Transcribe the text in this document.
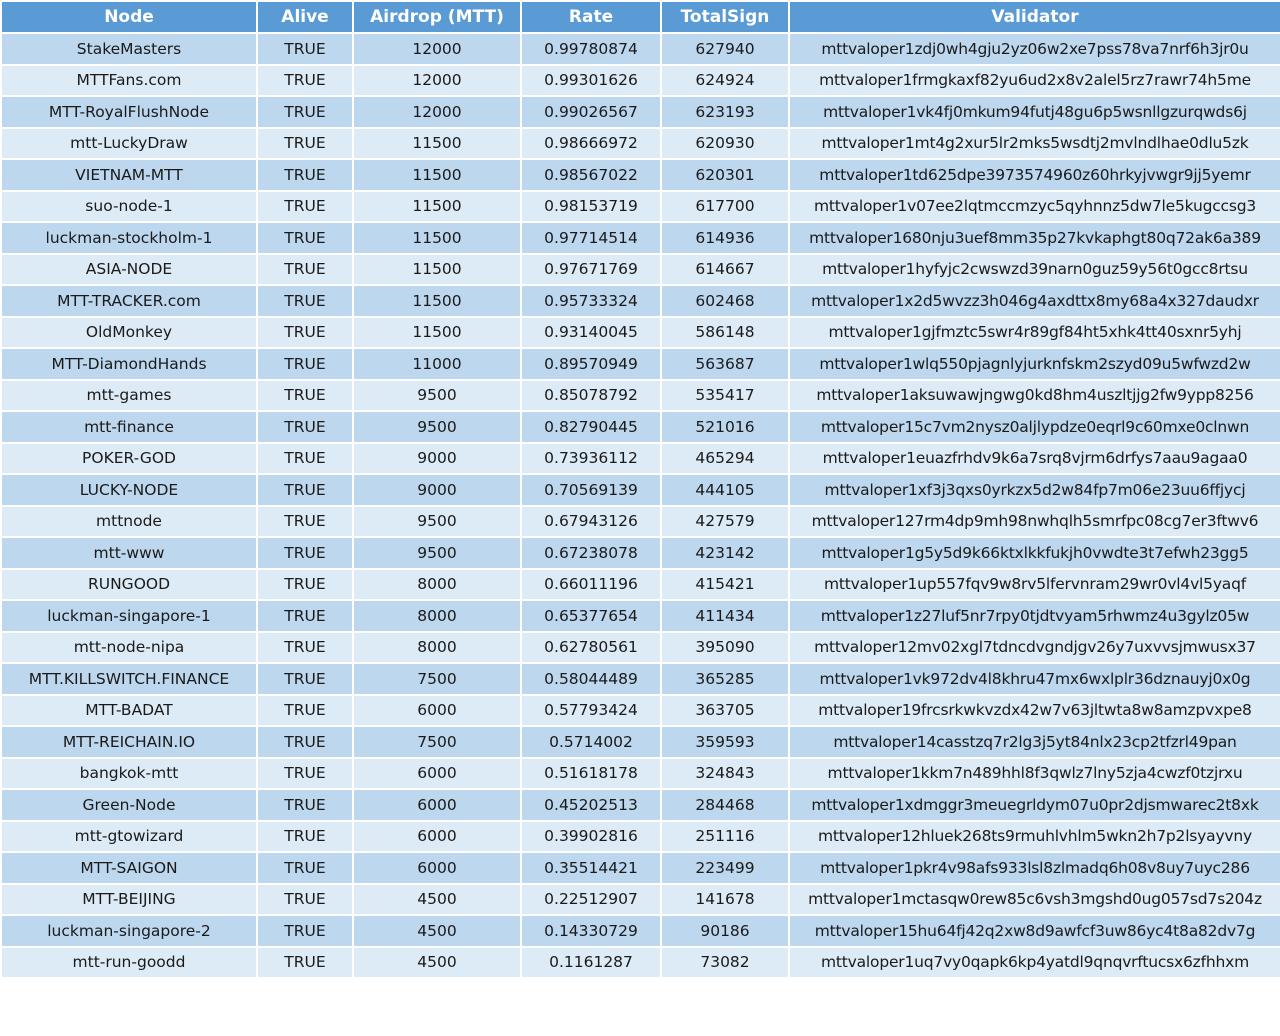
Node	Alive	Airdrop (MTT)	Rate	TotalSign	Validator
StakeMasters	TRUE	12000	0.99780874	627940	mttvaloper1zdj0wh4gju2yz06w2xe7pss78va7nrf6h3jr0u
MTTFans.com	TRUE	12000	0.99301626	624924	mttvaloper1frmgkaxf82yu6ud2x8v2alel5rz7rawr74h5me
MTT-RoyalFlushNode	TRUE	12000	0.99026567	623193	mttvaloper1vk4fj0mkum94futj48gu6p5wsnllgzurqwds6j
mtt-LuckyDraw	TRUE	11500	0.98666972	620930	mttvaloper1mt4g2xur5lr2mks5wsdtj2mvlndlhae0dlu5zk
VIETNAM-MTT	TRUE	11500	0.98567022	620301	mttvaloper1td625dpe3973574960z60hrkyjvwgr9jj5yemr
suo-node-1	TRUE	11500	0.98153719	617700	mttvaloper1v07ee2lqtmccmzyc5qyhnnz5dw7le5kugccsg3
luckman-stockholm-1	TRUE	11500	0.97714514	614936	mttvaloper1680nju3uef8mm35p27kvkaphgt80q72ak6a389
ASIA-NODE	TRUE	11500	0.97671769	614667	mttvaloper1hyfyjc2cwswzd39narn0guz59y56t0gcc8rtsu
MTT-TRACKER.com	TRUE	11500	0.95733324	602468	mttvaloper1x2d5wvzz3h046g4axdttx8my68a4x327daudxr
OldMonkey	TRUE	11500	0.93140045	586148	mttvaloper1gjfmztc5swr4r89gf84ht5xhk4tt40sxnr5yhj
MTT-DiamondHands	TRUE	11000	0.89570949	563687	mttvaloper1wlq550pjagnlyjurknfskm2szyd09u5wfwzd2w
mtt-games	TRUE	9500	0.85078792	535417	mttvaloper1aksuwawjngwg0kd8hm4uszltjjg2fw9ypp8256
mtt-finance	TRUE	9500	0.82790445	521016	mttvaloper15c7vm2nysz0aljlypdze0eqrl9c60mxe0clnwn
POKER-GOD	TRUE	9000	0.73936112	465294	mttvaloper1euazfrhdv9k6a7srq8vjrm6drfys7aau9agaa0
LUCKY-NODE	TRUE	9000	0.70569139	444105	mttvaloper1xf3j3qxs0yrkzx5d2w84fp7m06e23uu6ffjycj
mttnode	TRUE	9500	0.67943126	427579	mttvaloper127rm4dp9mh98nwhqlh5smrfpc08cg7er3ftwv6
mtt-www	TRUE	9500	0.67238078	423142	mttvaloper1g5y5d9k66ktxlkkfukjh0vwdte3t7efwh23gg5
RUNGOOD	TRUE	8000	0.66011196	415421	mttvaloper1up557fqv9w8rv5lfervnram29wr0vl4vl5yaqf
luckman-singapore-1	TRUE	8000	0.65377654	411434	mttvaloper1z27luf5nr7rpy0tjdtvyam5rhwmz4u3gylz05w
mtt-node-nipa	TRUE	8000	0.62780561	395090	mttvaloper12mv02xgl7tdncdvgndjgv26y7uxvvsjmwusx37
MTT.KILLSWITCH.FINANCE	TRUE	7500	0.58044489	365285	mttvaloper1vk972dv4l8khru47mx6wxlplr36dznauyj0x0g
MTT-BADAT	TRUE	6000	0.57793424	363705	mttvaloper19frcsrkwkvzdx42w7v63jltwta8w8amzpvxpe8
MTT-REICHAIN.IO	TRUE	7500	0.5714002	359593	mttvaloper14casstzq7r2lg3j5yt84nlx23cp2tfzrl49pan
bangkok-mtt	TRUE	6000	0.51618178	324843	mttvaloper1kkm7n489hhl8f3qwlz7lny5zja4cwzf0tzjrxu
Green-Node	TRUE	6000	0.45202513	284468	mttvaloper1xdmggr3meuegrldym07u0pr2djsmwarec2t8xk
mtt-gtowizard	TRUE	6000	0.39902816	251116	mttvaloper12hluek268ts9rmuhlvhlm5wkn2h7p2lsyayvny
MTT-SAIGON	TRUE	6000	0.35514421	223499	mttvaloper1pkr4v98afs933lsl8zlmadq6h08v8uy7uyc286
MTT-BEIJING	TRUE	4500	0.22512907	141678	mttvaloper1mctasqw0rew85c6vsh3mgshd0ug057sd7s204z
luckman-singapore-2	TRUE	4500	0.14330729	90186	mttvaloper15hu64fj42q2xw8d9awfcf3uw86yc4t8a82dv7g
mtt-run-goodd	TRUE	4500	0.1161287	73082	mttvaloper1uq7vy0qapk6kp4yatdl9qnqvrftucsx6zfhhxm
